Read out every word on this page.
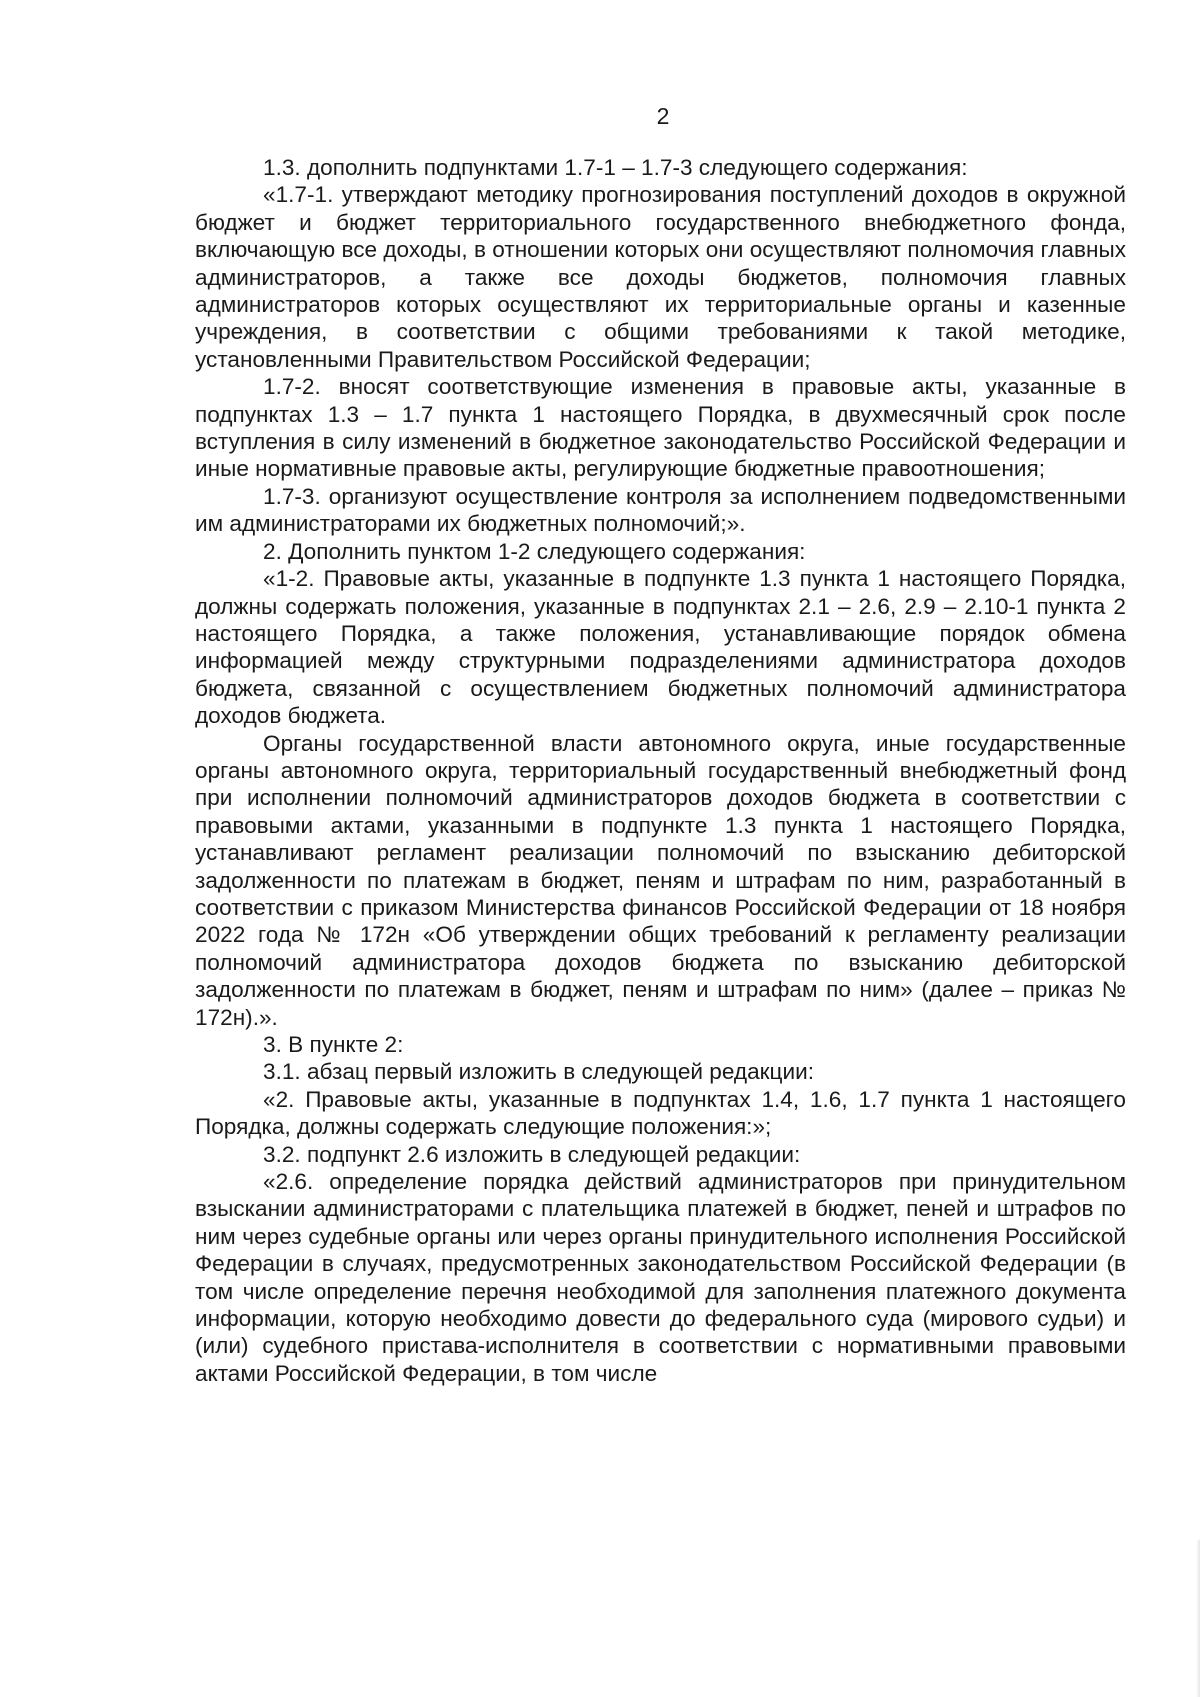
2

1.3. дополнить подпунктами 1.7-1 – 1.7-3 следующего содержания:

«1.7-1. утверждают методику прогнозирования поступлений доходов в окружной бюджет и бюджет территориального государственного внебюджетного фонда, включающую все доходы, в отношении которых они осуществляют полномочия главных администраторов, а также все доходы бюджетов, полномочия главных администраторов которых осуществляют их территориальные органы и казенные учреждения, в соответствии с общими требованиями к такой методике, установленными Правительством Российской Федерации;

1.7-2. вносят соответствующие изменения в правовые акты, указанные в подпунктах 1.3 – 1.7 пункта 1 настоящего Порядка, в двухмесячный срок после вступления в силу изменений в бюджетное законодательство Российской Федерации и иные нормативные правовые акты, регулирующие бюджетные правоотношения;

1.7-3. организуют осуществление контроля за исполнением подведомственными им администраторами их бюджетных полномочий;».

2. Дополнить пунктом 1-2 следующего содержания:

«1-2. Правовые акты, указанные в подпункте 1.3 пункта 1 настоящего Порядка, должны содержать положения, указанные в подпунктах 2.1 – 2.6, 2.9 – 2.10-1 пункта 2 настоящего Порядка, а также положения, устанавливающие порядок обмена информацией между структурными подразделениями администратора доходов бюджета, связанной с осуществлением бюджетных полномочий администратора доходов бюджета.

Органы государственной власти автономного округа, иные государственные органы автономного округа, территориальный государственный внебюджетный фонд при исполнении полномочий администраторов доходов бюджета в соответствии с правовыми актами, указанными в подпункте 1.3 пункта 1 настоящего Порядка, устанавливают регламент реализации полномочий по взысканию дебиторской задолженности по платежам в бюджет, пеням и штрафам по ним, разработанный в соответствии с приказом Министерства финансов Российской Федерации от 18 ноября 2022 года № 172н «Об утверждении общих требований к регламенту реализации полномочий администратора доходов бюджета по взысканию дебиторской задолженности по платежам в бюджет, пеням и штрафам по ним» (далее – приказ № 172н).».

3. В пункте 2:

3.1. абзац первый изложить в следующей редакции:

«2. Правовые акты, указанные в подпунктах 1.4, 1.6, 1.7 пункта 1 настоящего Порядка, должны содержать следующие положения:»;

3.2. подпункт 2.6 изложить в следующей редакции:

«2.6. определение порядка действий администраторов при принудительном взыскании администраторами с плательщика платежей в бюджет, пеней и штрафов по ним через судебные органы или через органы принудительного исполнения Российской Федерации в случаях, предусмотренных законодательством Российской Федерации (в том числе определение перечня необходимой для заполнения платежного документа информации, которую необходимо довести до федерального суда (мирового судьи) и (или) судебного пристава-исполнителя в соответствии с нормативными правовыми актами Российской Федерации, в том числе
